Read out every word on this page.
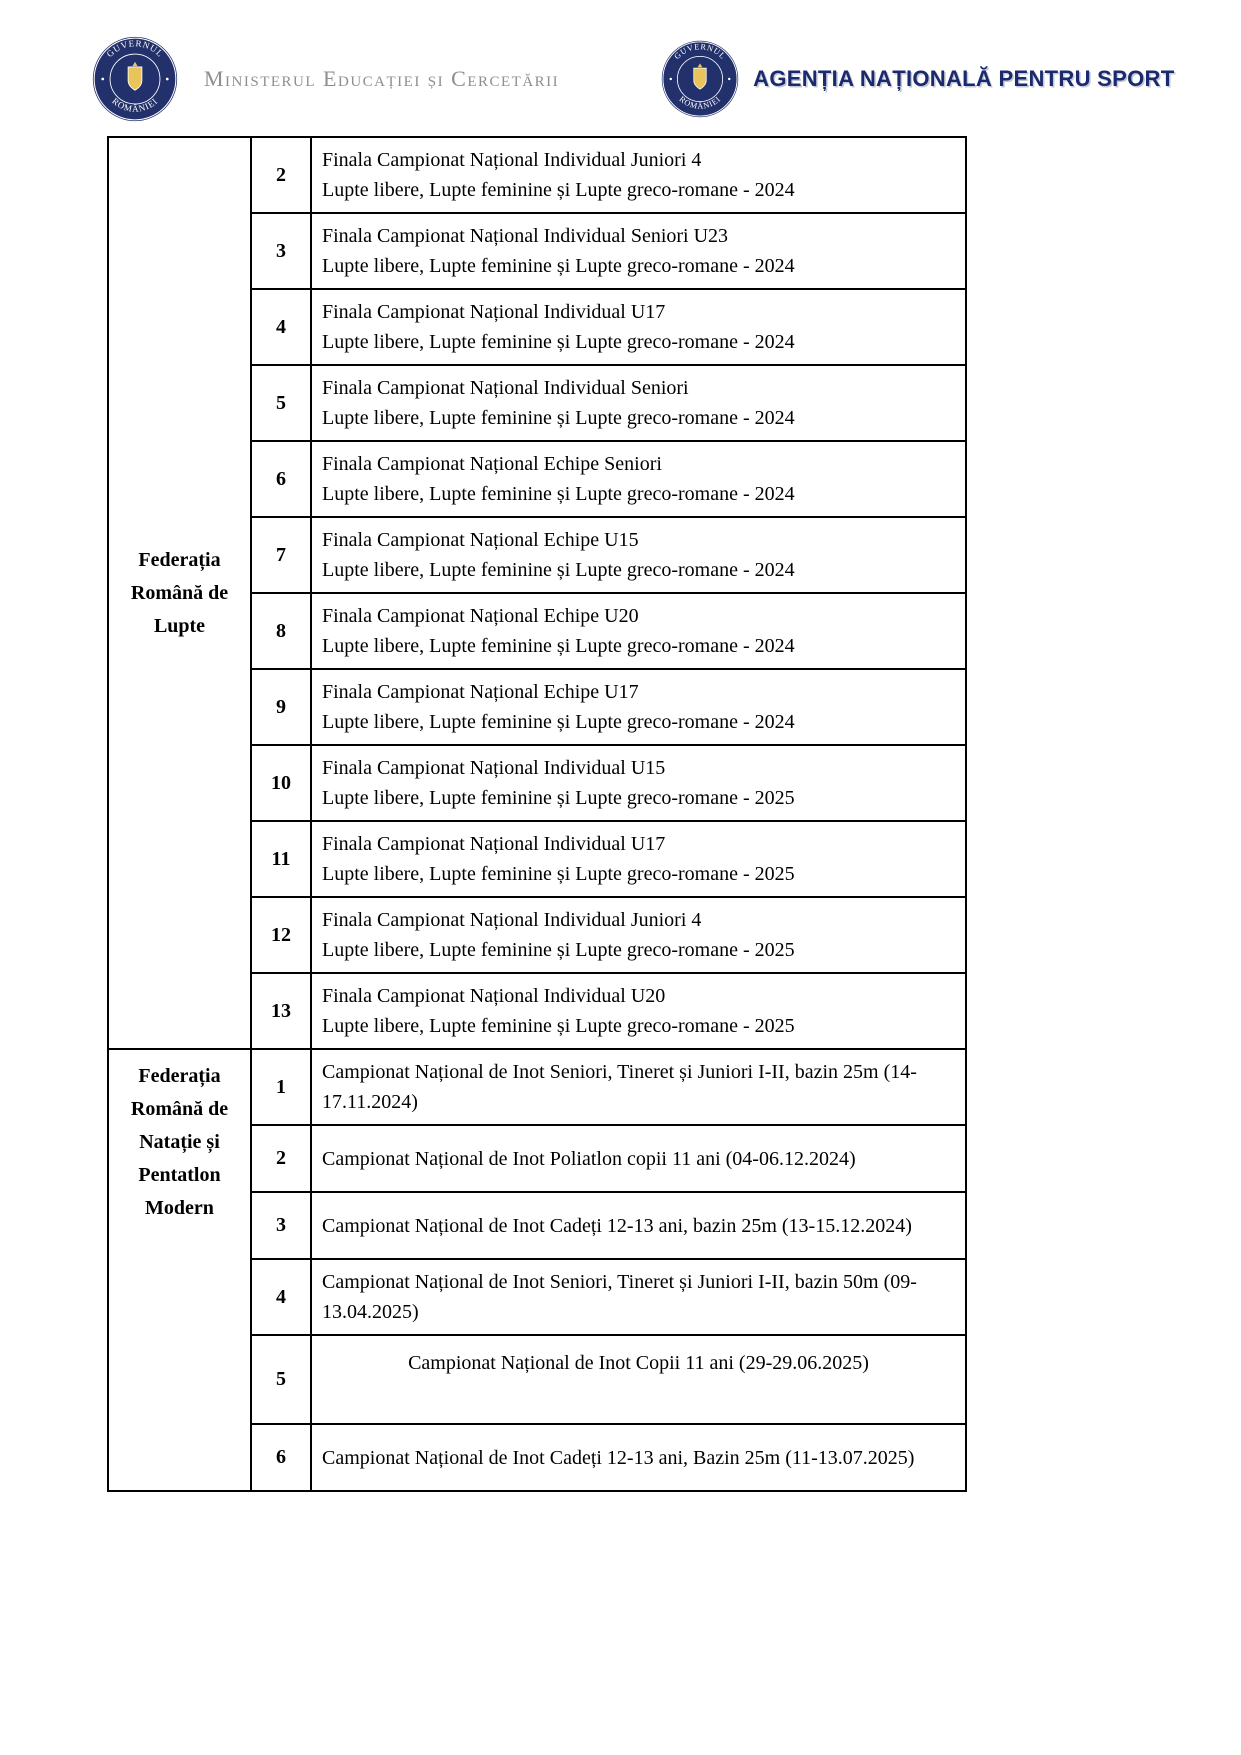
GUVERNUL
ROMÂNIEI
Ministerul Educației și Cercetării
GUVERNUL
ROMÂNIEI
AGENȚIA NAȚIONALĂ PENTRU SPORT
Federația Română de Lupte	2	Finala Campionat Național Individual Juniori 4
Lupte libere, Lupte feminine și Lupte greco-romane - 2024

	3	Finala Campionat Național Individual Seniori U23
Lupte libere, Lupte feminine și Lupte greco-romane - 2024

	4	Finala Campionat Național Individual U17
Lupte libere, Lupte feminine și Lupte greco-romane - 2024

	5	Finala Campionat Național Individual Seniori
Lupte libere, Lupte feminine și Lupte greco-romane - 2024

	6	Finala Campionat Național Echipe Seniori
Lupte libere, Lupte feminine și Lupte greco-romane - 2024

	7	Finala Campionat Național Echipe U15
Lupte libere, Lupte feminine și Lupte greco-romane - 2024

	8	Finala Campionat Național Echipe U20
Lupte libere, Lupte feminine și Lupte greco-romane - 2024

	9	Finala Campionat Național Echipe U17
Lupte libere, Lupte feminine și Lupte greco-romane - 2024

	10	Finala Campionat Național Individual U15
Lupte libere, Lupte feminine și Lupte greco-romane - 2025

	11	Finala Campionat Național Individual U17
Lupte libere, Lupte feminine și Lupte greco-romane - 2025

	12	Finala Campionat Național Individual Juniori 4
Lupte libere, Lupte feminine și Lupte greco-romane - 2025

	13	Finala Campionat Național Individual U20
Lupte libere, Lupte feminine și Lupte greco-romane - 2025

Federația Română de Natație și Pentatlon Modern	1	Campionat Național de Inot Seniori, Tineret și Juniori I-II, bazin 25m (14-17.11.2024)
	2	Campionat Național de Inot Poliatlon copii 11 ani (04-06.12.2024)
	3	Campionat Național de Inot Cadeți 12-13 ani, bazin 25m (13-15.12.2024)
	4	Campionat Național de Inot Seniori, Tineret și Juniori I-II, bazin 50m (09-13.04.2025)
	5	Campionat Național de Inot Copii 11 ani (29-29.06.2025)
	6	Campionat Național de Inot Cadeți 12-13 ani, Bazin 25m (11-13.07.2025)
